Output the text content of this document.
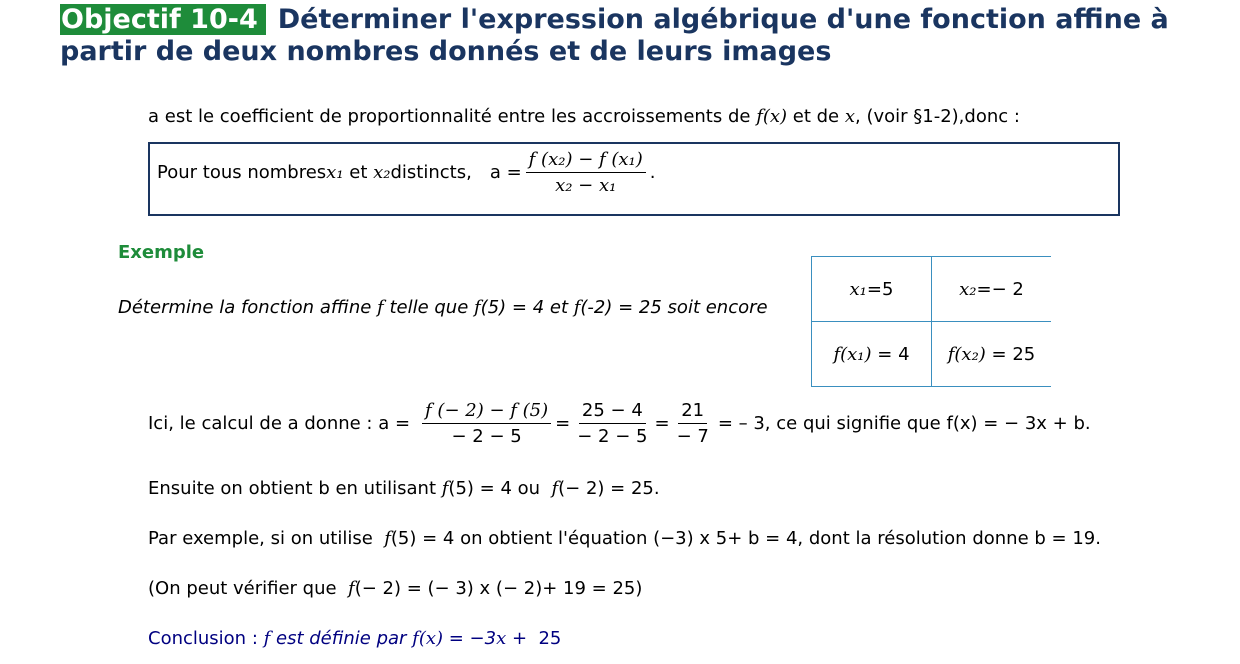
Objectif 10-4 Déterminer l'expression algébrique d'une fonction affine à partir de deux nombres donnés et de leurs images
a est le coefficient de proportionnalité entre les accroissements de f(x) et de x, (voir §1-2),donc :
Pour tous nombres x₁ et x₂ distincts, $a = \frac{\text{f (x₂) − f (x₁)}}{\text{x₂ − x₁}}$ .
Exemple
Détermine la fonction affine f telle que f(5) = 4 et f(-2) = 25 soit encore
x₁=5	x₂=− 2
f(x₁) = 4	f(x₂) = 25
Ici, le calcul de a donne : $a = \frac{f (- 2) - f (5)}{- 2 - 5} = \frac{25 - 4}{- 2 - 5} = \frac{21}{- 7}$ = – 3, ce qui signifie que f(x) = − 3x + b.
Ensuite on obtient b en utilisant f(5) = 4 ou  f(− 2) = 25.
Par exemple, si on utilise  f(5) = 4 on obtient l'équation (−3) x 5+ b = 4, dont la résolution donne b = 19.
(On peut vérifier que  f(− 2) = (− 3) x (− 2)+ 19 = 25)
Conclusion : f est définie par f(x) = −3x +  25
